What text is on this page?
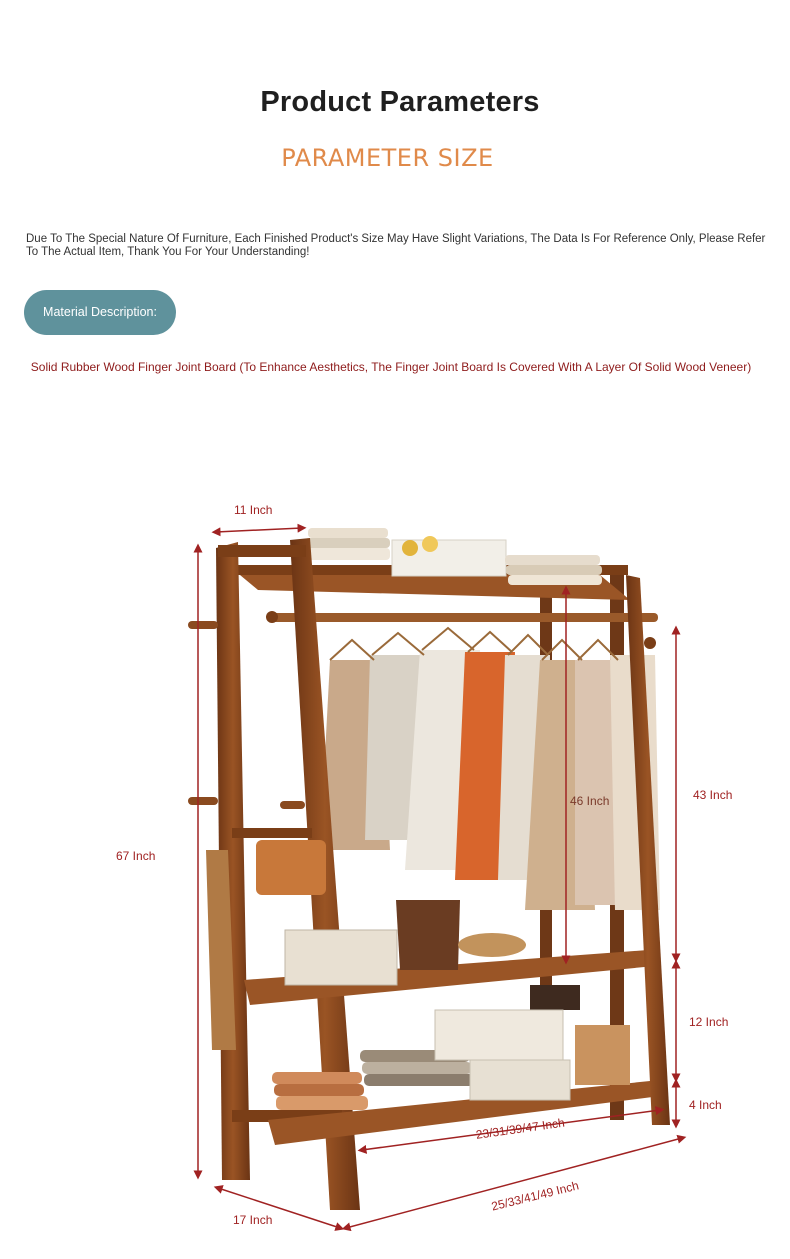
Product Parameters
PARAMETER SIZE
Due To The Special Nature Of Furniture, Each Finished Product's Size May Have Slight Variations, The Data Is For Reference Only, Please Refer To The Actual Item, Thank You For Your Understanding!
Material Description:
Solid Rubber Wood Finger Joint Board (To Enhance Aesthetics, The Finger Joint Board Is Covered With A Layer Of Solid Wood Veneer)
11 Inch
67 Inch
46 Inch	43 Inch
12 Inch
4 Inch
16
23/31/39/47 Inch
25/33/41/49 Inch
17 Inch
